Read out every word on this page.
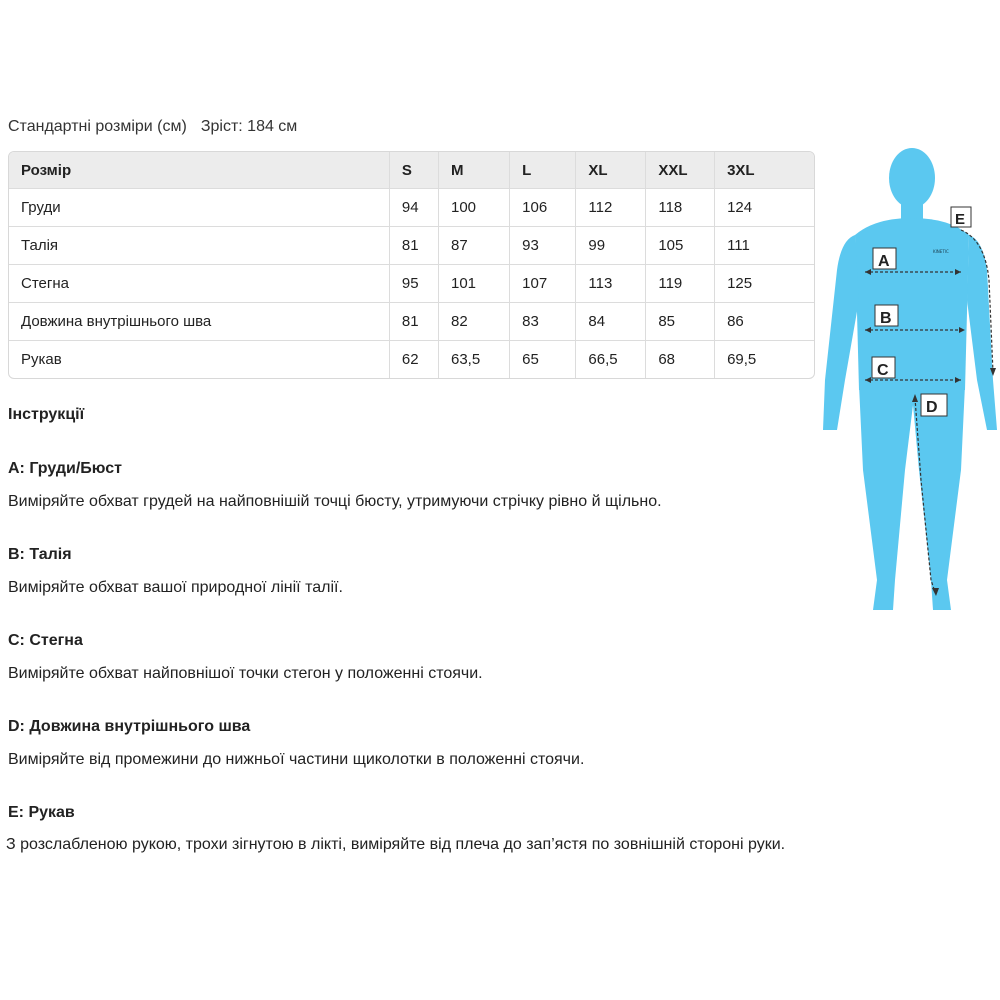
Стандартні розміри (см) Зріст: 184 см
Розмір	S	M	L	XL	XXL	3XL
Груди	94	100	106	112	118	124
Талія	81	87	93	99	105	111
Стегна	95	101	107	113	119	125
Довжина внутрішнього шва	81	82	83	84	85	86
Рукав	62	63,5	65	66,5	68	69,5
Інструкції
A: Груди/Бюст
Виміряйте обхват грудей на найповнішій точці бюсту, утримуючи стрічку рівно й щільно.
B: Талія
Виміряйте обхват вашої природної лінії талії.
C: Стегна
Виміряйте обхват найповнішої точки стегон у положенні стоячи.
D: Довжина внутрішнього шва
Виміряйте від промежини до нижньої частини щиколотки в положенні стоячи.
E: Рукав
З розслабленою рукою, трохи зігнутою в лікті, виміряйте від плеча до зап’ястя по зовнішній стороні руки.
KINETIC
A
B
C
D
E
